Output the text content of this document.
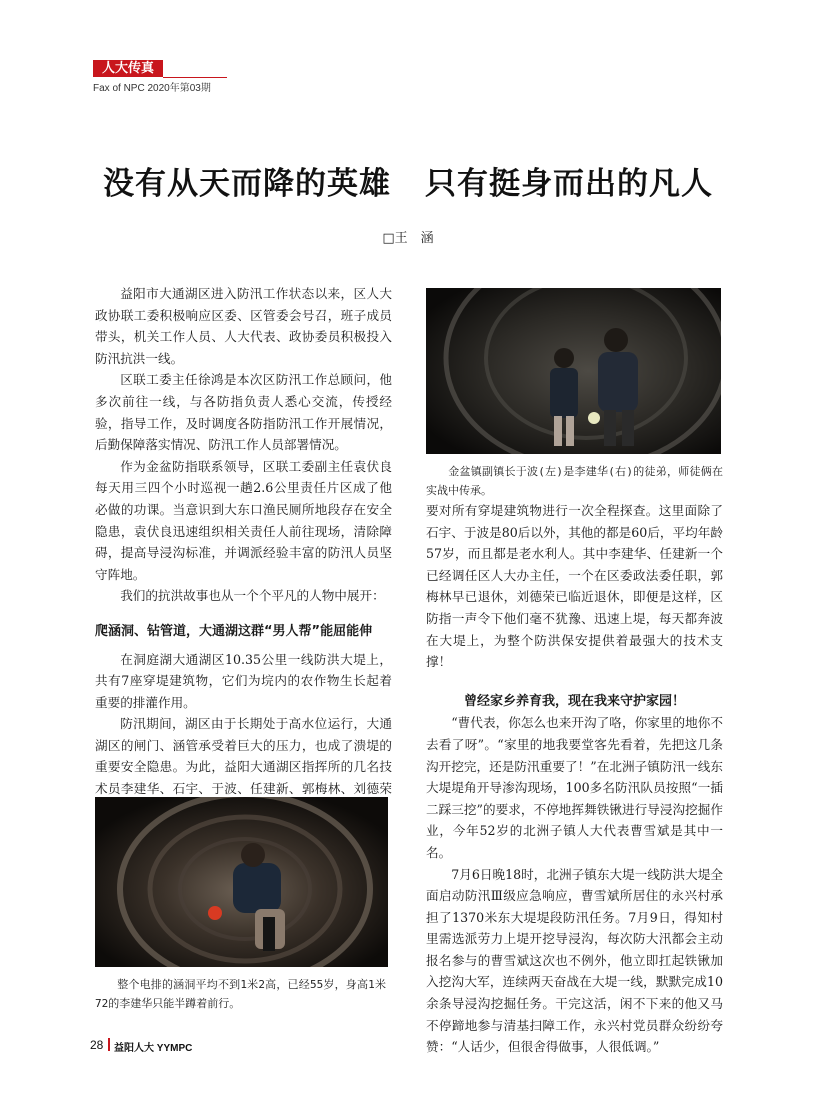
人大传真
Fax of NPC 2020年第03期
没有从天而降的英雄 只有挺身而出的凡人
□王　涵

益阳市大通湖区进入防汛工作状态以来，区人大政协联工委积极响应区委、区管委会号召，班子成员带头，机关工作人员、人大代表、政协委员积极投入防汛抗洪一线。

区联工委主任徐鸿是本次区防汛工作总顾问，他多次前往一线，与各防指负责人悉心交流，传授经验，指导工作，及时调度各防指防汛工作开展情况，后勤保障落实情况、防汛工作人员部署情况。

作为金盆防指联系领导，区联工委副主任袁伏良每天用三四个小时巡视一趟2.6公里责任片区成了他必做的功课。当意识到大东口渔民厕所地段存在安全隐患，袁伏良迅速组织相关责任人前往现场，清除障碍，提高导浸沟标准，并调派经验丰富的防汛人员坚守阵地。

我们的抗洪故事也从一个个平凡的人物中展开：

爬涵洞、钻管道，大通湖这群“男人帮”能屈能伸

在洞庭湖大通湖区10.35公里一线防洪大堤上，共有7座穿堤建筑物，它们为垸内的农作物生长起着重要的排灌作用。

防汛期间，湖区由于长期处于高水位运行，大通湖区的闸门、涵管承受着巨大的压力，也成了溃堤的重要安全隐患。为此，益阳大通湖区指挥所的几名技术员李建华、石宇、于波、任建新、郭梅林、刘德荣

整个电排的涵洞平均不到1米2高，已经55岁，身高1米72的李建华只能半蹲着前行。
金盆镇副镇长于波(左)是李建华(右)的徒弟，师徒俩在实战中传承。

要对所有穿堤建筑物进行一次全程探查。这里面除了石宇、于波是80后以外，其他的都是60后，平均年龄57岁，而且都是老水利人。其中李建华、任建新一个已经调任区人大办主任，一个在区委政法委任职，郭梅林早已退休，刘德荣已临近退休，即便是这样，区防指一声令下他们毫不犹豫、迅速上堤，每天都奔波在大堤上，为整个防洪保安提供着最强大的技术支撑！

曾经家乡养育我，现在我来守护家园！

“曹代表，你怎么也来开沟了咯，你家里的地你不去看了呀”。“家里的地我要堂客先看着，先把这几条沟开挖完，还是防汛重要了！”在北洲子镇防汛一线东大堤堤角开导渗沟现场，100多名防汛队员按照“一插二踩三挖”的要求，不停地挥舞铁锹进行导浸沟挖掘作业，今年52岁的北洲子镇人大代表曹雪斌是其中一名。

7月6日晚18时，北洲子镇东大堤一线防洪大堤全面启动防汛Ⅲ级应急响应，曹雪斌所居住的永兴村承担了1370米东大堤堤段防汛任务。7月9日，得知村里需选派劳力上堤开挖导浸沟，每次防大汛都会主动报名参与的曹雪斌这次也不例外，他立即扛起铁锹加入挖沟大军，连续两天奋战在大堤一线，默默完成10余条导浸沟挖掘任务。干完这活，闲不下来的他又马不停蹄地参与清基扫障工作，永兴村党员群众纷纷夸赞：“人话少，但很舍得做事，人很低调。”

28 益阳人大 YYMPC
